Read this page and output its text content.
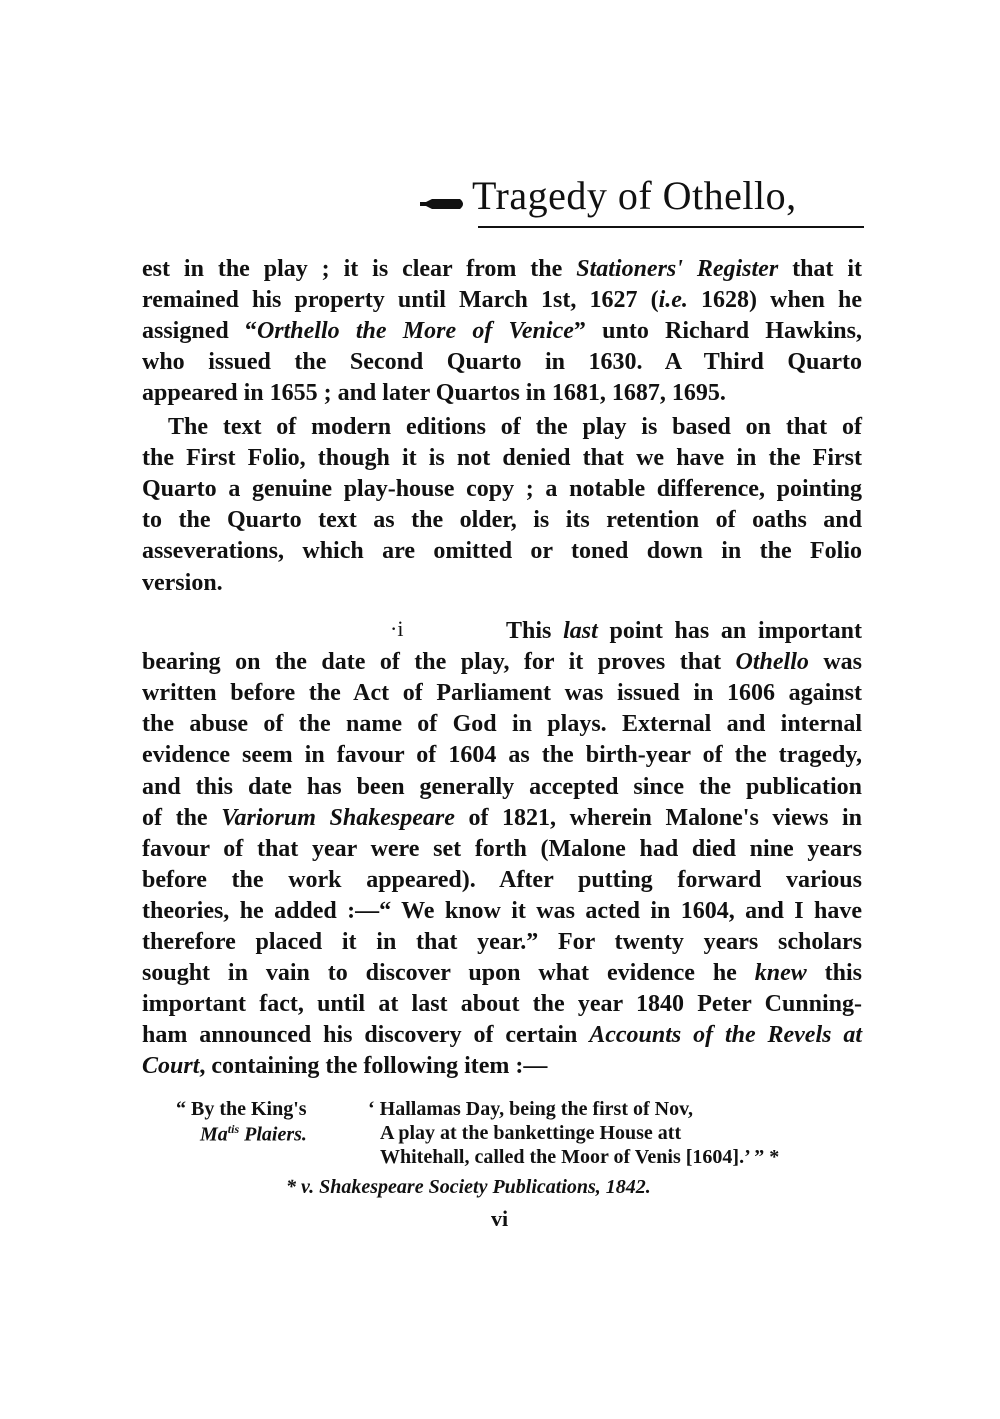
Tragedy of Othello,
est in the play ; it is clear from the Stationers' Register that it
remained his property until March 1st, 1627 (i.e. 1628) when he
assigned “Orthello the More of Venice” unto Richard Hawkins,
who issued the Second Quarto in 1630. A Third Quarto
appeared in 1655 ; and later Quartos in 1681, 1687, 1695.
The text of modern editions of the play is based on that of
the First Folio, though it is not denied that we have in the First
Quarto a genuine play-house copy ; a notable difference, pointing
to the Quarto text as the older, is its retention of oaths and
asseverations, which are omitted or toned down in the Folio
version.
·i	This last point has an important
bearing on the date of the play, for it proves that Othello was
written before the Act of Parliament was issued in 1606 against
the abuse of the name of God in plays. External and internal
evidence seem in favour of 1604 as the birth-year of the tragedy,
and this date has been generally accepted since the publication
of the Variorum Shakespeare of 1821, wherein Malone's views in
favour of that year were set forth (Malone had died nine years
before the work appeared). After putting forward various
theories, he added :—“ We know it was acted in 1604, and I have
therefore placed it in that year.” For twenty years scholars
sought in vain to discover upon what evidence he knew this
important fact, until at last about the year 1840 Peter Cunning-
ham announced his discovery of certain Accounts of the Revels at
Court, containing the following item :—
“ By the King's
$Ma^{tis}$ Plaiers.
‘ Hallamas Day, being the first of Nov,
A play at the bankettinge House att
Whitehall, called the Moor of Venis [1604].’ ” *
* v. Shakespeare Society Publications, 1842.
vi
